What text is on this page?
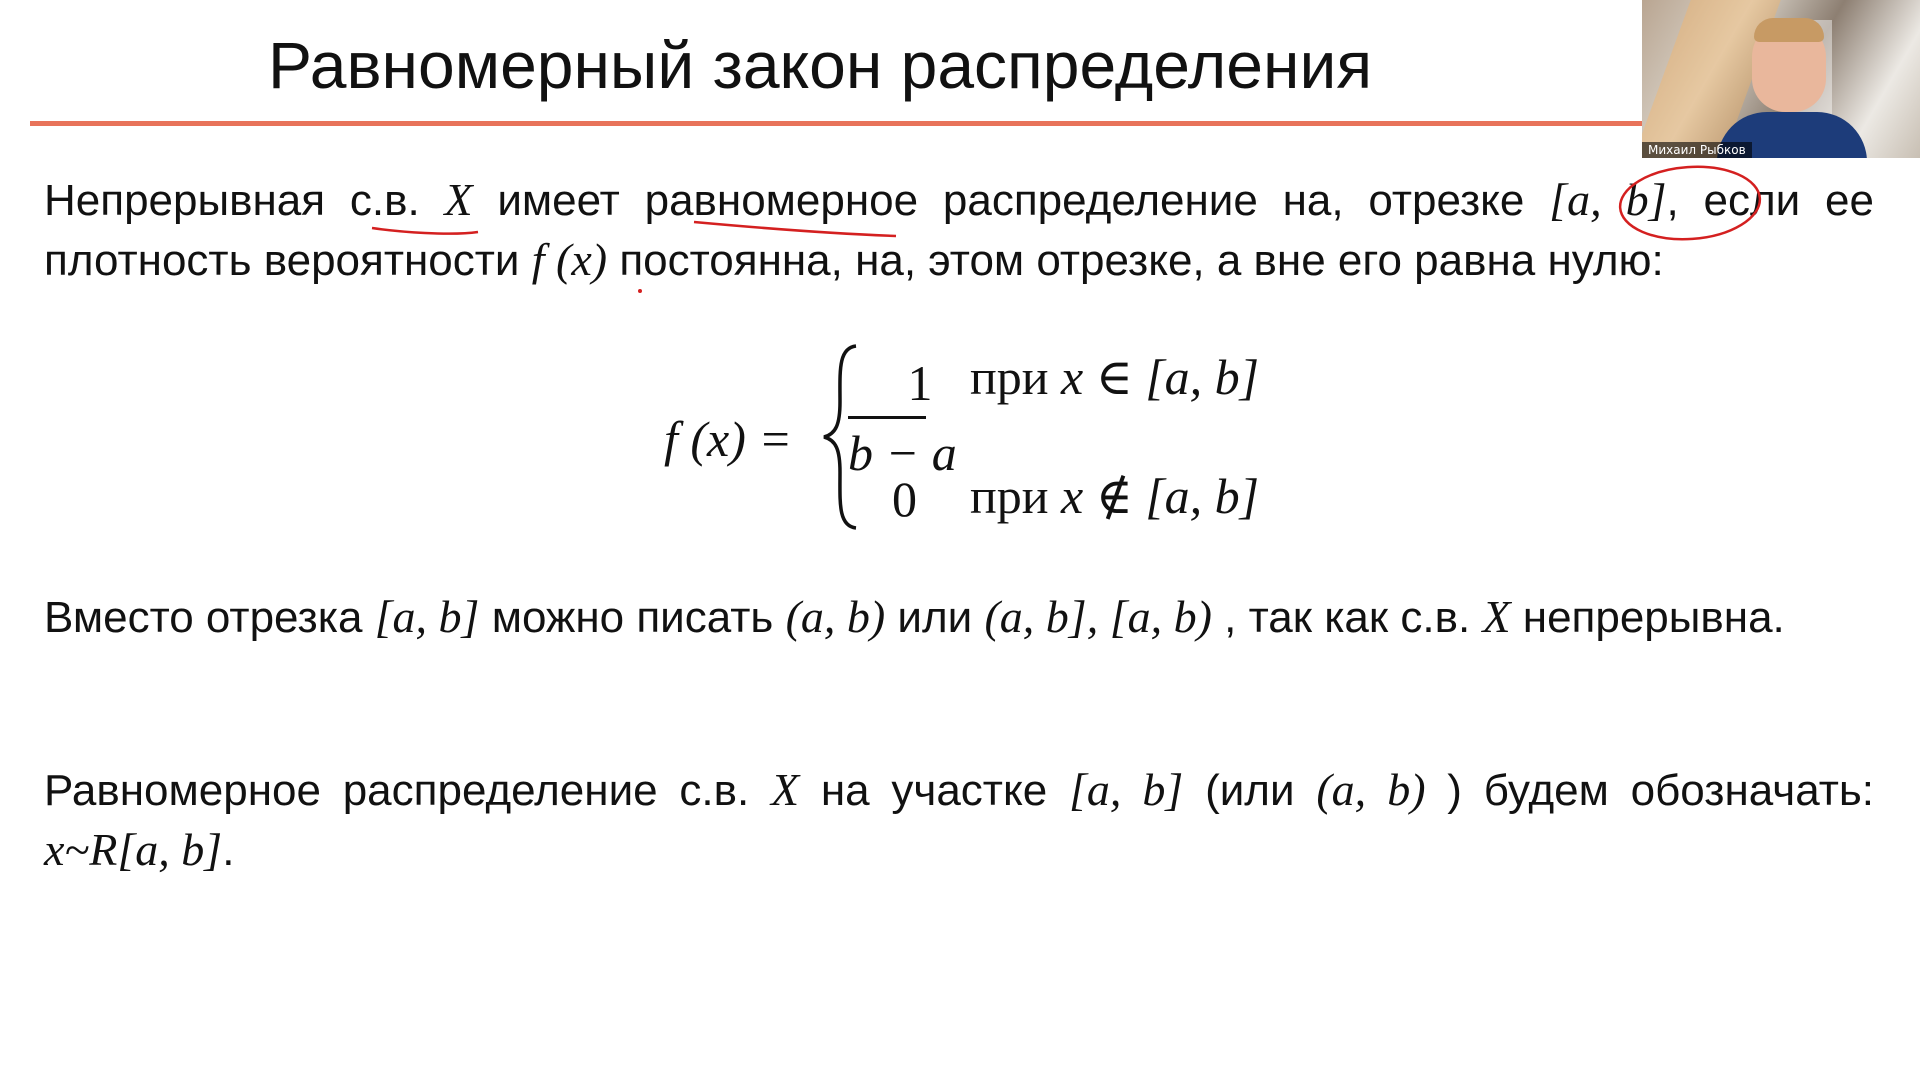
Равномерный закон распределения
Непрерывная с.в. X имеет равномерное распределение на, отрезке [a, b], если ее плотность вероятности f (x) постоянна, на, этом отрезке, а вне его равна нулю:
f (x) =
1
b − a
0
при x ∈ [a, b]
при x ∉ [a, b]
Вместо отрезка [a, b] можно писать (a, b) или (a, b], [a, b) , так как с.в. X непрерывна.
Равномерное распределение с.в. X на участке [a, b] (или (a, b) ) будем обозначать: x~R[a, b].
Михаил Рыбков
